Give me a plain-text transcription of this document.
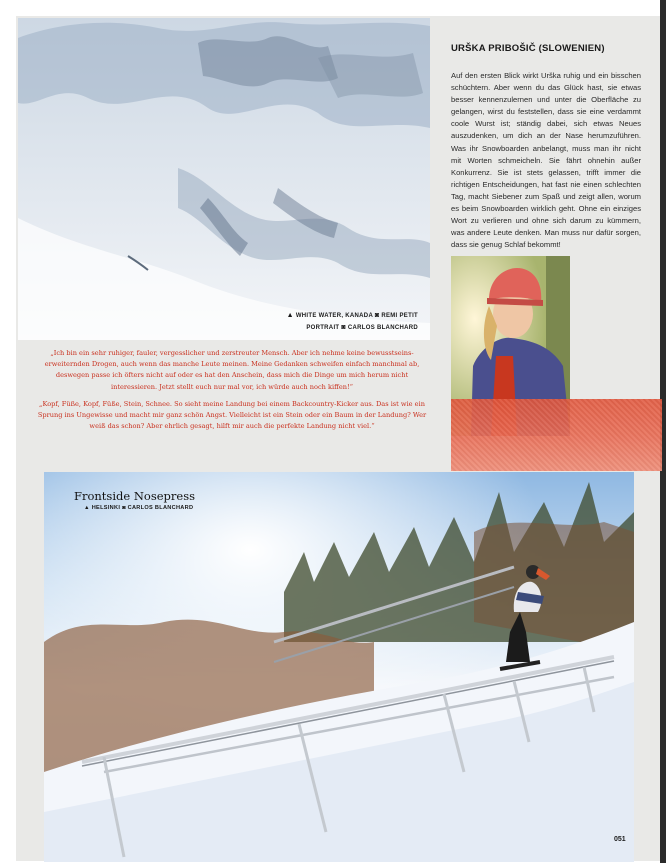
▲ WHITE WATER, KANADA ◙ REMI PETIT
PORTRAIT ◙ CARLOS BLANCHARD
URŠKA PRIBOŠIČ (SLOWENIEN)
Auf den ersten Blick wirkt Urška ruhig und ein bisschen schüchtern. Aber wenn du das Glück hast, sie etwas besser kennenzulernen und unter die Oberfläche zu gelangen, wirst du feststellen, dass sie eine verdammt coole Wurst ist; ständig dabei, sich etwas Neues auszudenken, um dich an der Nase herumzuführen. Was ihr Snowboarden anbelangt, muss man ihr nicht mit Worten schmeicheln. Sie fährt ohnehin außer Konkurrenz. Sie ist stets gelassen, trifft immer die richtigen Entscheidungen, hat fast nie einen schlechten Tag, macht Siebener zum Spaß und zeigt allen, worum es beim Snowboarden wirklich geht. Ohne ein einziges Wort zu verlieren und ohne sich darum zu kümmern, was andere Leute denken. Man muss nur dafür sorgen, dass sie genug Schlaf bekommt!

„Ich bin ein sehr ruhiger, fauler, vergesslicher und zerstreuter Mensch. Aber ich nehme keine bewusstseins-erweiternden Drogen, auch wenn das manche Leute meinen. Meine Gedanken schweifen einfach manchmal ab, deswegen passe ich öfters nicht auf oder es hat den Anschein, dass mich die Dinge um mich herum nicht interessieren. Jetzt stellt euch nur mal vor, ich würde auch noch kiffen!“

„Kopf, Füße, Kopf, Füße, Stein, Schnee. So sieht meine Landung bei einem Backcountry-Kicker aus. Das ist wie ein Sprung ins Ungewisse und macht mir ganz schön Angst. Vielleicht ist ein Stein oder ein Baum in der Landung? Wer weiß das schon? Aber ehrlich gesagt, hilft mir auch die perfekte Landung nicht viel.“

Frontside Nosepress
▲ HELSINKI ◙ CARLOS BLANCHARD
051
